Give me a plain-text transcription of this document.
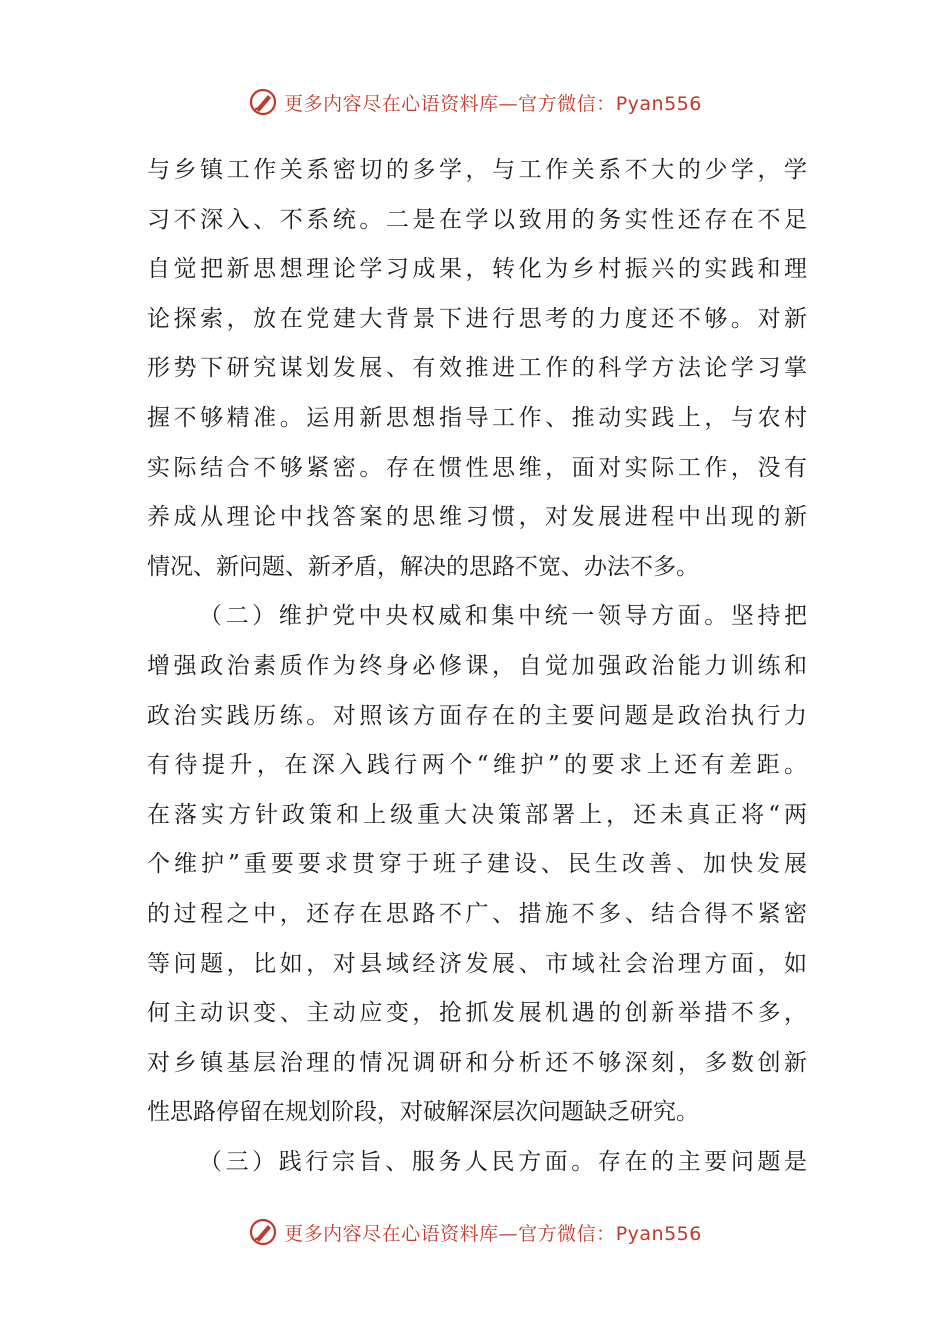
更多内容尽在心语资料库—官方微信：Pyan556
与乡镇工作关系密切的多学，与工作关系不大的少学，学
习不深入、不系统。二是在学以致用的务实性还存在不足
自觉把新思想理论学习成果，转化为乡村振兴的实践和理
论探索，放在党建大背景下进行思考的力度还不够。对新
形势下研究谋划发展、有效推进工作的科学方法论学习掌
握不够精准。运用新思想指导工作、推动实践上，与农村
实际结合不够紧密。存在惯性思维，面对实际工作，没有
养成从理论中找答案的思维习惯，对发展进程中出现的新
情况、新问题、新矛盾，解决的思路不宽、办法不多。
（二）维护党中央权威和集中统一领导方面。坚持把
增强政治素质作为终身必修课，自觉加强政治能力训练和
政治实践历练。对照该方面存在的主要问题是政治执行力
有待提升，在深入践行两个“维护”的要求上还有差距。
在落实方针政策和上级重大决策部署上，还未真正将“两
个维护”重要要求贯穿于班子建设、民生改善、加快发展
的过程之中，还存在思路不广、措施不多、结合得不紧密
等问题，比如，对县域经济发展、市域社会治理方面，如
何主动识变、主动应变，抢抓发展机遇的创新举措不多，
对乡镇基层治理的情况调研和分析还不够深刻，多数创新
性思路停留在规划阶段，对破解深层次问题缺乏研究。
（三）践行宗旨、服务人民方面。存在的主要问题是
更多内容尽在心语资料库—官方微信：Pyan556
